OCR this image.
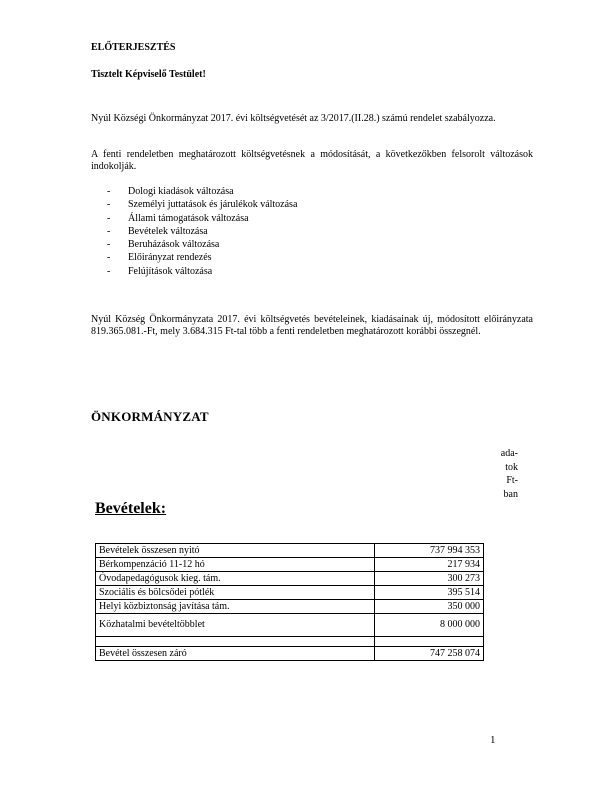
ELŐTERJESZTÉS
Tisztelt Képviselő Testület!
Nyúl Községi Önkormányzat 2017. évi költségvetését az 3/2017.(II.28.) számú rendelet szabályozza.
A fenti rendeletben meghatározott költségvetésnek a módosítását, a következőkben felsorolt változások indokolják.
-	Dologi kiadások változása
-	Személyi juttatások és járulékok változása
-	Állami támogatások változása
-	Bevételek változása
-	Beruházások változása
-	Előirányzat rendezés
-	Felújítások változása
Nyúl Község Önkormányzata 2017. évi költségvetés bevételeinek, kiadásainak új, módosított előirányzata 819.365.081.-Ft, mely 3.684.315 Ft-tal több a fenti rendeletben meghatározott korábbi összegnél.
ÖNKORMÁNYZAT
ada-
tok
Ft-
ban
Bevételek:
Bevételek összesen nyitó	737 994 353
Bérkompenzáció 11-12 hó	217 934
Óvodapedagógusok kieg. tám.	300 273
Szociális és bölcsődei pótlék	395 514
Helyi közbiztonság javítása tám.	350 000
Közhatalmi bevételtöbblet	8 000 000

Bevétel összesen záró	747 258 074
1
